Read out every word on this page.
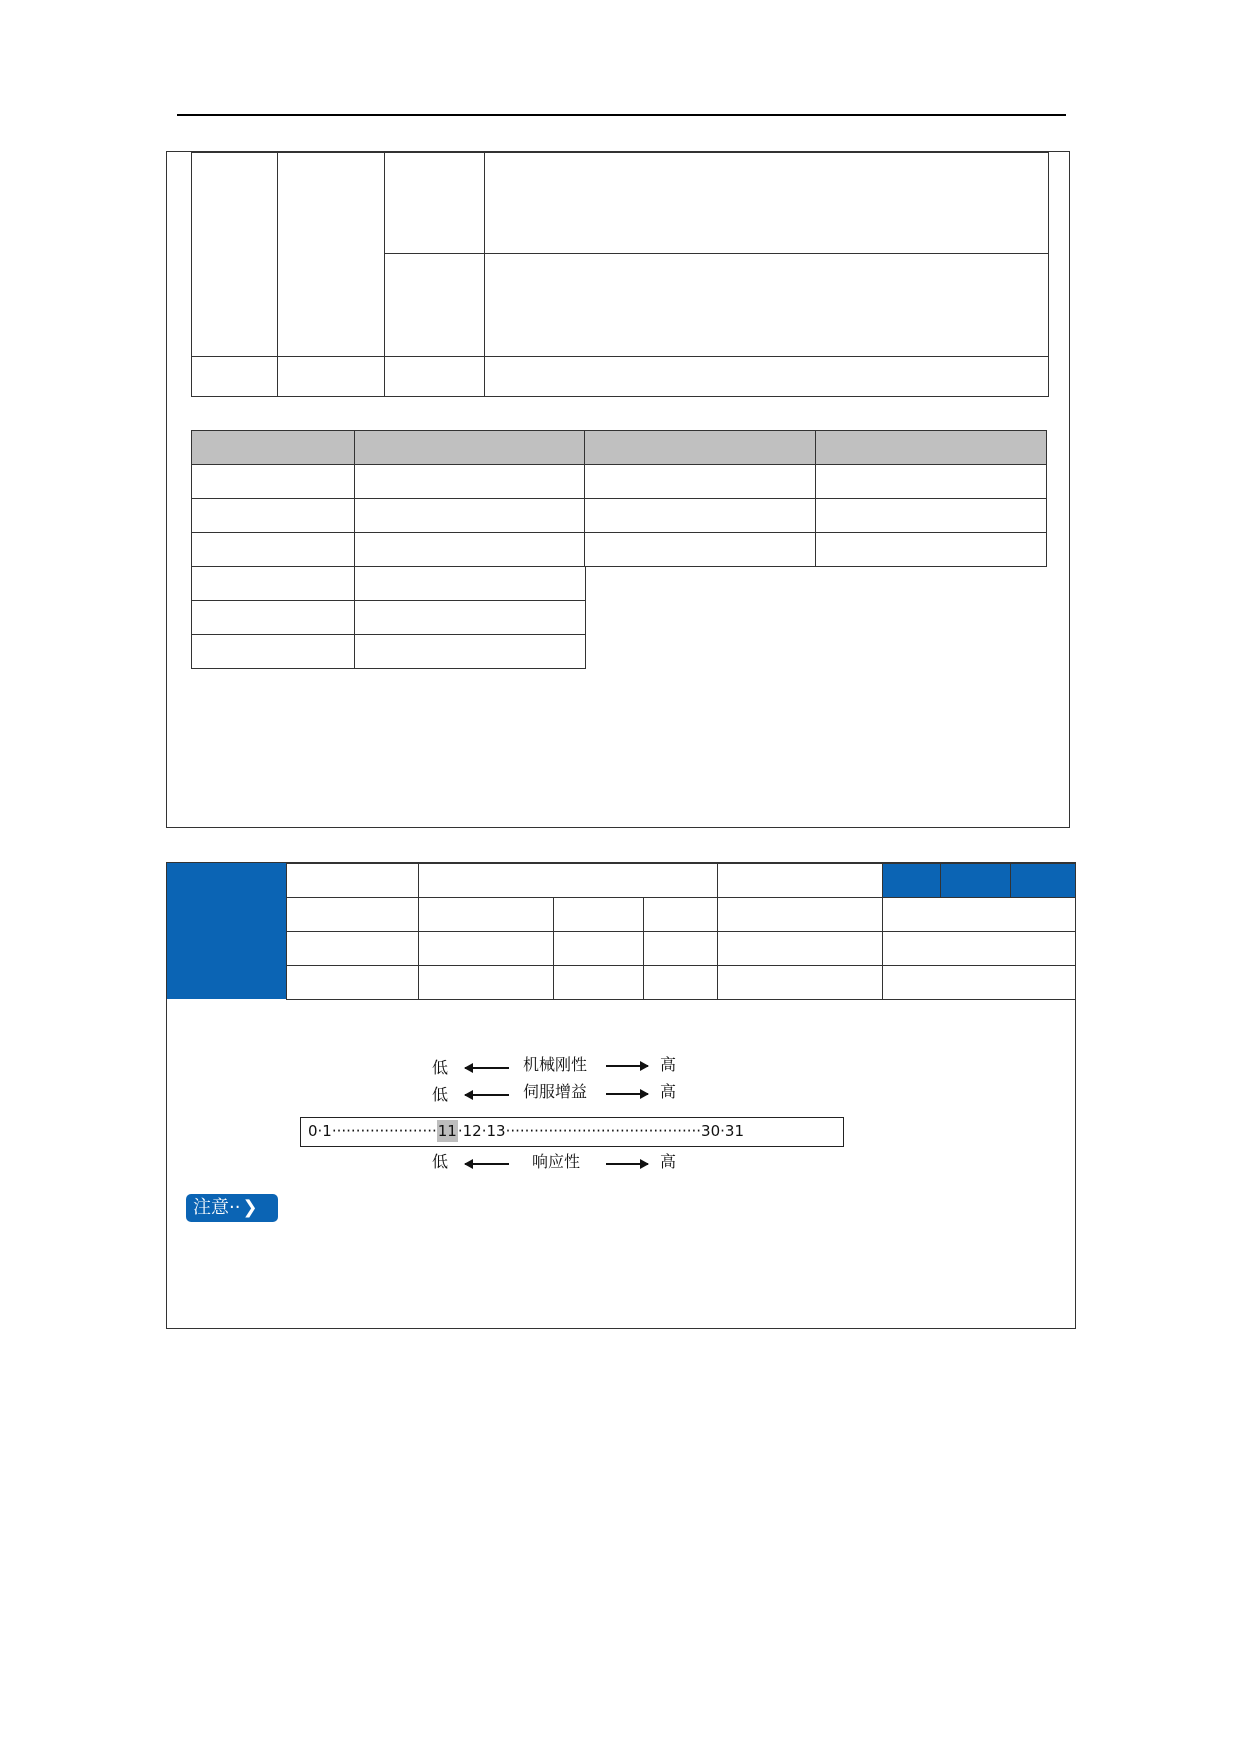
低	机械刚性	高
低	伺服增益	高
0·1······················11·12·13·········································30·31
低	响应性	高
注意·· ❯
